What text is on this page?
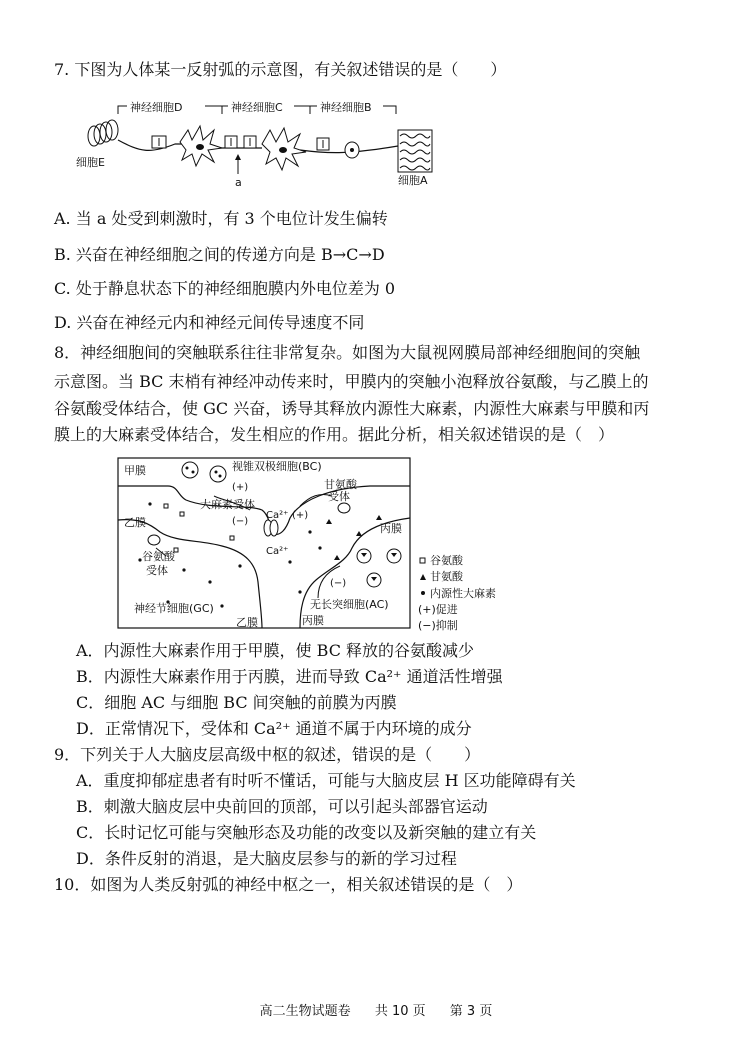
7. 下图为人体某一反射弧的示意图，有关叙述错误的是（　　）
神经细胞D	神经细胞C	神经细胞B
细胞E
a	细胞A
A. 当 a 处受到刺激时，有 3 个电位计发生偏转
B. 兴奋在神经细胞之间的传递方向是 B→C→D
C. 处于静息状态下的神经细胞膜内外电位差为 0
D. 兴奋在神经元内和神经元间传导速度不同
8．神经细胞间的突触联系往往非常复杂。如图为大鼠视网膜局部神经细胞间的突触
示意图。当 BC 末梢有神经冲动传来时，甲膜内的突触小泡释放谷氨酸，与乙膜上的
谷氨酸受体结合，使 GC 兴奋，诱导其释放内源性大麻素，内源性大麻素与甲膜和丙
膜上的大麻素受体结合，发生相应的作用。据此分析，相关叙述错误的是（　）
甲膜	视锥双极细胞(BC)
(+)
大麻素受体
甘氨酸
受体
Ca²⁺ (+)
(−)
Ca²⁺
乙膜
谷氨酸
受体
丙膜
(−)
神经节细胞(GC)
乙膜
无长突细胞(AC)
丙膜
谷氨酸
甘氨酸
内源性大麻素
(+)促进
(−)抑制
A．内源性大麻素作用于甲膜，使 BC 释放的谷氨酸减少
B．内源性大麻素作用于丙膜，进而导致 Ca²⁺ 通道活性增强
C．细胞 AC 与细胞 BC 间突触的前膜为丙膜
D．正常情况下，受体和 Ca²⁺ 通道不属于内环境的成分
9．下列关于人大脑皮层高级中枢的叙述，错误的是（　　）
A．重度抑郁症患者有时听不懂话，可能与大脑皮层 H 区功能障碍有关
B．刺激大脑皮层中央前回的顶部，可以引起头部器官运动
C．长时记忆可能与突触形态及功能的改变以及新突触的建立有关
D．条件反射的消退，是大脑皮层参与的新的学习过程
10．如图为人类反射弧的神经中枢之一，相关叙述错误的是（　）
高二生物试题卷 共 10 页 第 3 页
